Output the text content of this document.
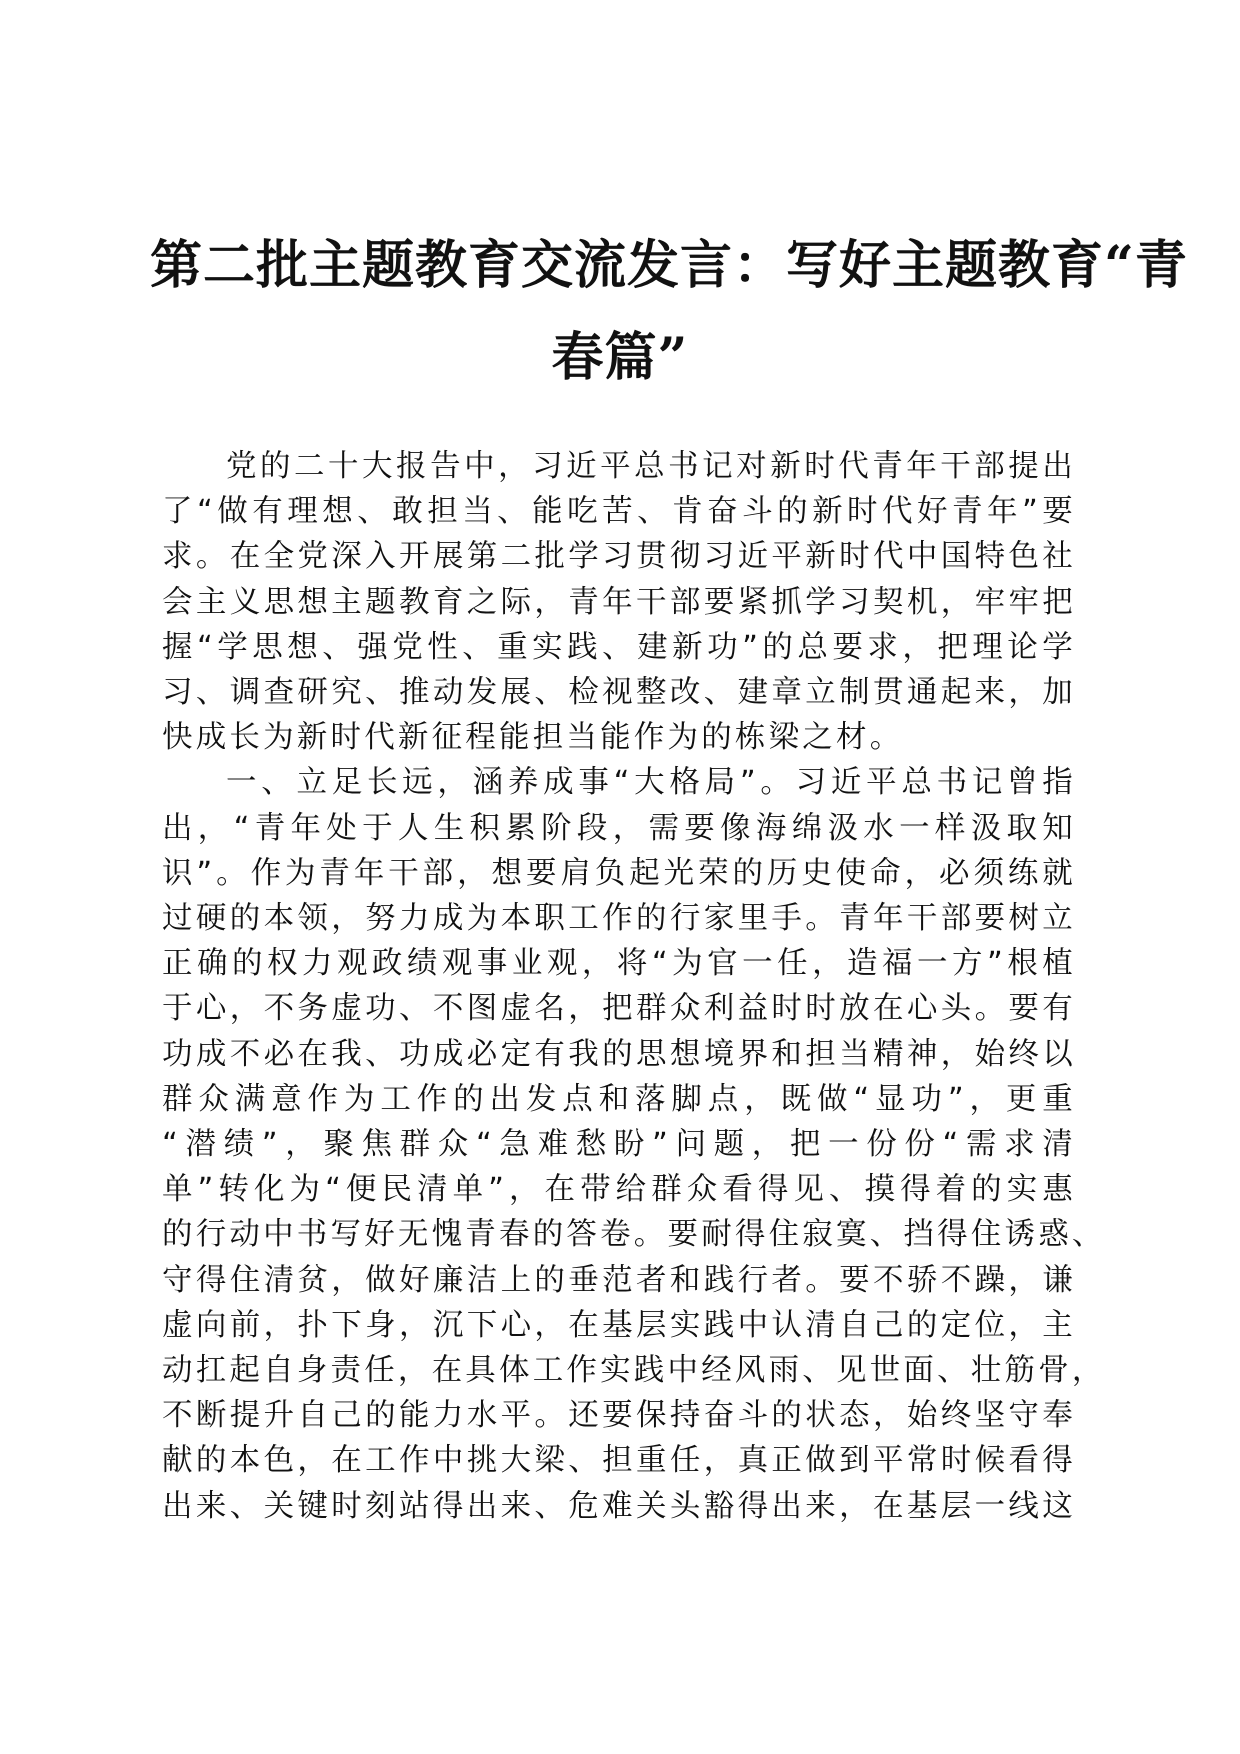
第二批主题教育交流发言：写好主题教育“青
春篇”
党的二十大报告中，习近平总书记对新时代青年干部提出
了“做有理想、敢担当、能吃苦、肯奋斗的新时代好青年”要
求。在全党深入开展第二批学习贯彻习近平新时代中国特色社
会主义思想主题教育之际，青年干部要紧抓学习契机，牢牢把
握“学思想、强党性、重实践、建新功”的总要求，把理论学
习、调查研究、推动发展、检视整改、建章立制贯通起来，加
快成长为新时代新征程能担当能作为的栋梁之材。
一、立足长远，涵养成事“大格局”。习近平总书记曾指
出，“青年处于人生积累阶段，需要像海绵汲水一样汲取知
识”。作为青年干部，想要肩负起光荣的历史使命，必须练就
过硬的本领，努力成为本职工作的行家里手。青年干部要树立
正确的权力观政绩观事业观，将“为官一任，造福一方”根植
于心，不务虚功、不图虚名，把群众利益时时放在心头。要有
功成不必在我、功成必定有我的思想境界和担当精神，始终以
群众满意作为工作的出发点和落脚点，既做“显功”，更重
“潜绩”，聚焦群众“急难愁盼”问题，把一份份“需求清
单”转化为“便民清单”，在带给群众看得见、摸得着的实惠
的行动中书写好无愧青春的答卷。要耐得住寂寞、挡得住诱惑、
守得住清贫，做好廉洁上的垂范者和践行者。要不骄不躁，谦
虚向前，扑下身，沉下心，在基层实践中认清自己的定位，主
动扛起自身责任，在具体工作实践中经风雨、见世面、壮筋骨，
不断提升自己的能力水平。还要保持奋斗的状态，始终坚守奉
献的本色，在工作中挑大梁、担重任，真正做到平常时候看得
出来、关键时刻站得出来、危难关头豁得出来，在基层一线这
